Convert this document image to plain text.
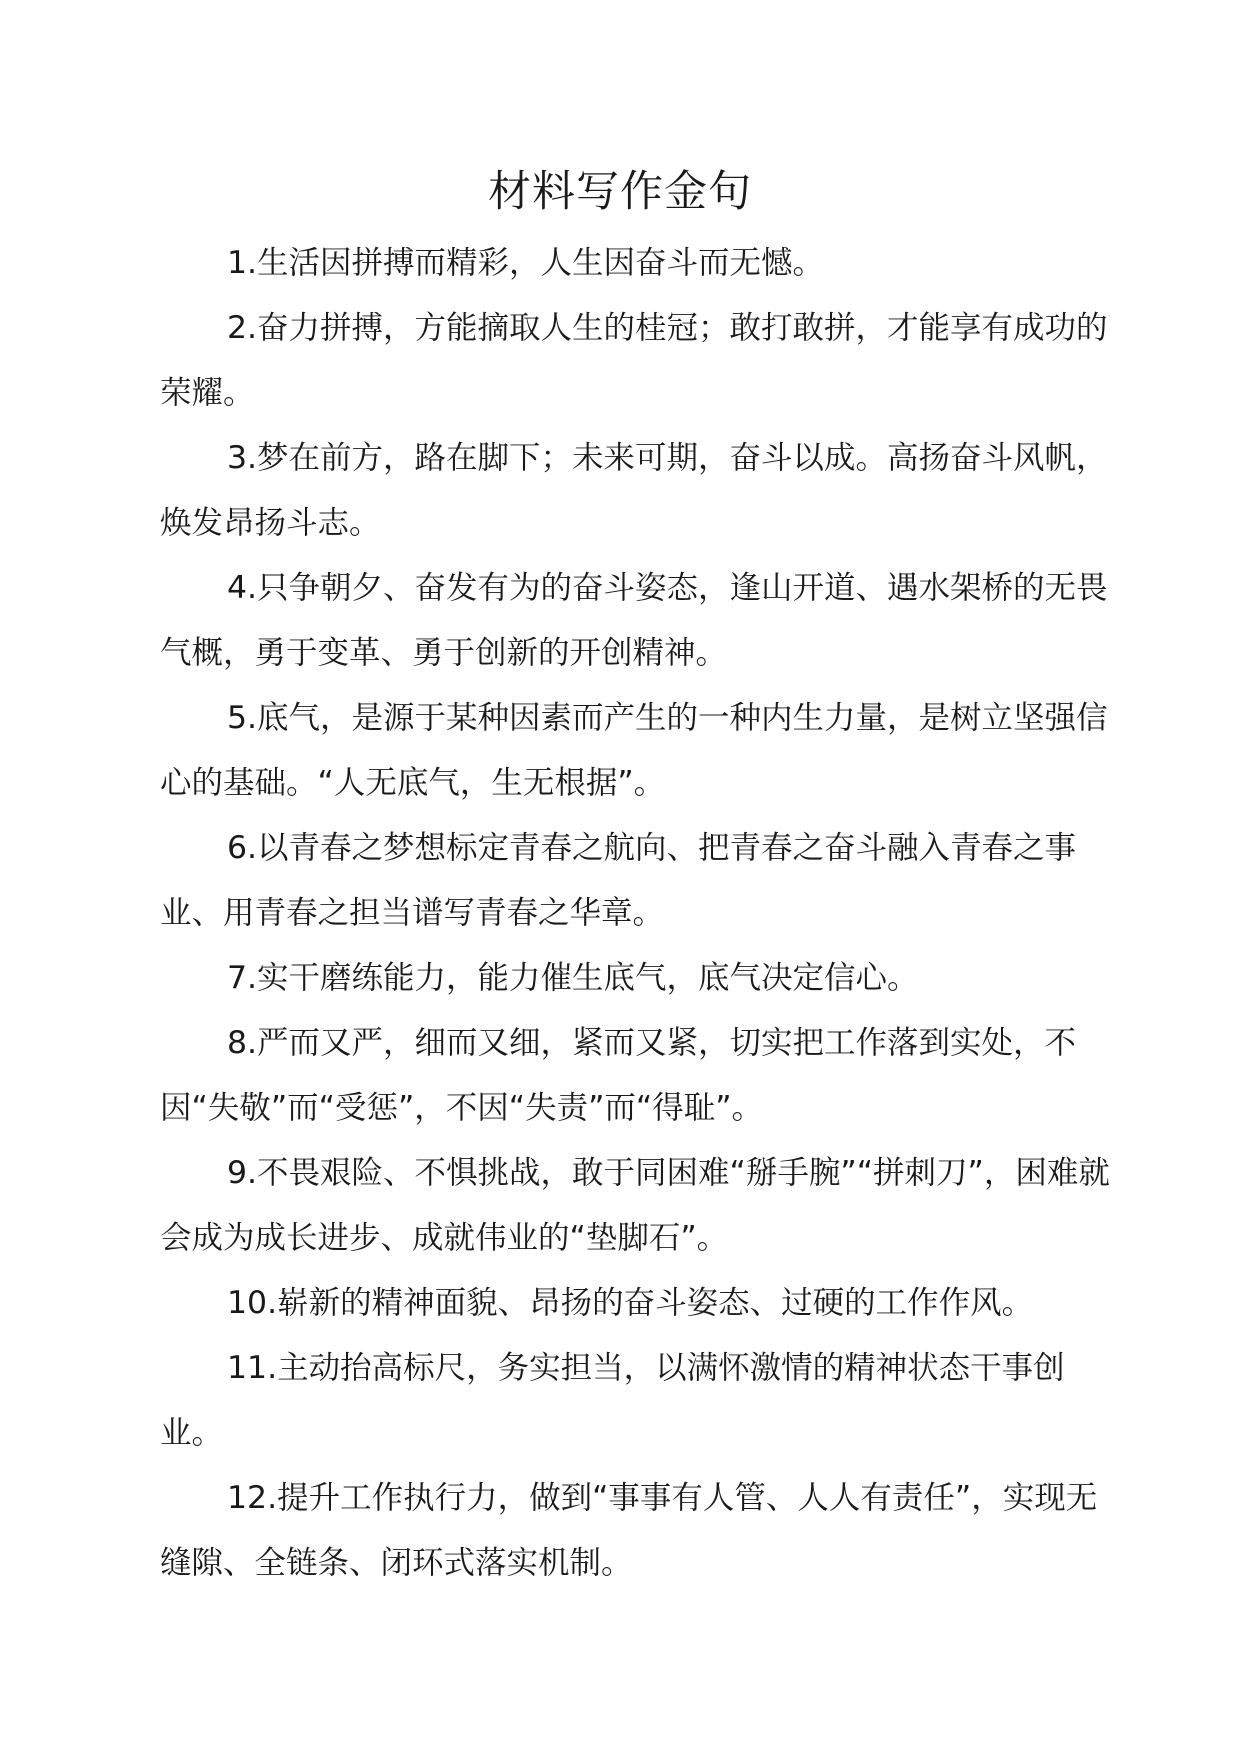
材料写作金句

1.生活因拼搏而精彩，人生因奋斗而无憾。

2.奋力拼搏，方能摘取人生的桂冠；敢打敢拼，才能享有成功的荣耀。

3.梦在前方，路在脚下；未来可期，奋斗以成。高扬奋斗风帆，焕发昂扬斗志。

4.只争朝夕、奋发有为的奋斗姿态，逢山开道、遇水架桥的无畏气概，勇于变革、勇于创新的开创精神。

5.底气，是源于某种因素而产生的一种内生力量，是树立坚强信心的基础。“人无底气，生无根据”。

6.以青春之梦想标定青春之航向、把青春之奋斗融入青春之事业、用青春之担当谱写青春之华章。

7.实干磨练能力，能力催生底气，底气决定信心。

8.严而又严，细而又细，紧而又紧，切实把工作落到实处，不因“失敬”而“受惩”，不因“失责”而“得耻”。

9.不畏艰险、不惧挑战，敢于同困难“掰手腕”“拼刺刀”，困难就会成为成长进步、成就伟业的“垫脚石”。

10.崭新的精神面貌、昂扬的奋斗姿态、过硬的工作作风。

11.主动抬高标尺，务实担当，以满怀激情的精神状态干事创业。

12.提升工作执行力，做到“事事有人管、人人有责任”，实现无缝隙、全链条、闭环式落实机制。
